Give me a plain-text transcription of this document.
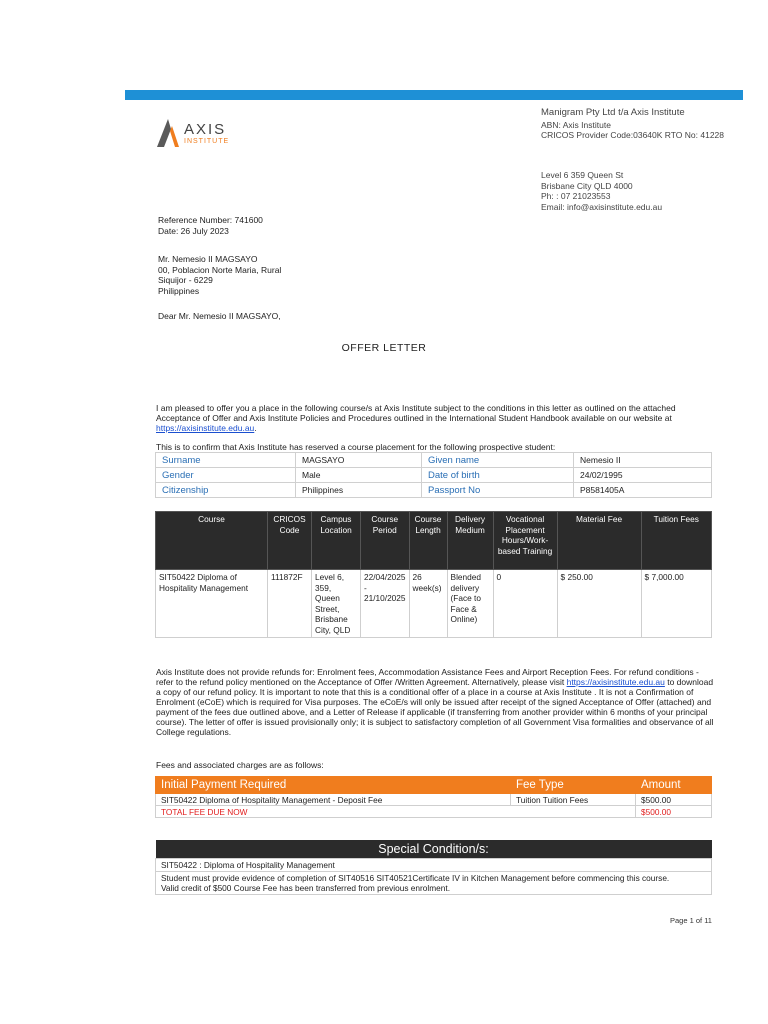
AXIS
INSTITUTE
Manigram Pty Ltd t/a Axis Institute
ABN: Axis Institute
CRICOS Provider Code:03640K RTO No: 41228
Level 6 359 Queen St
Brisbane City QLD 4000
Ph: : 07 21023553
Email: info@axisinstitute.edu.au
Reference Number: 741600
Date: 26 July 2023
Mr. Nemesio II MAGSAYO
00, Poblacion Norte Maria, Rural
Siquijor - 6229
Philippines
Dear Mr. Nemesio II MAGSAYO,
OFFER LETTER
I am pleased to offer you a place in the following course/s at Axis Institute subject to the conditions in this letter as outlined on the attached Acceptance of Offer and Axis Institute Policies and Procedures outlined in the International Student Handbook available on our website at https://axisinstitute.edu.au.
This is to confirm that Axis Institute has reserved a course placement for the following prospective student:
Surname	MAGSAYO	Given name	Nemesio II
Gender	Male	Date of birth	24/02/1995
Citizenship	Philippines	Passport No	P8581405A
Course	CRICOS Code	Campus Location	Course Period	Course Length	Delivery Medium	Vocational Placement Hours/Work-based Training	Material Fee	Tuition Fees
SIT50422 Diploma of Hospitality Management	111872F	Level 6, 359, Queen Street, Brisbane City, QLD	22/04/2025
-
21/10/2025	26 week(s)	Blended delivery (Face to Face & Online)	0	$ 250.00	$ 7,000.00
Axis Institute does not provide refunds for: Enrolment fees, Accommodation Assistance Fees and Airport Reception Fees. For refund conditions - refer to the refund policy mentioned on the Acceptance of Offer /Written Agreement. Alternatively, please visit https://axisinstitute.edu.au to download a copy of our refund policy. It is important to note that this is a conditional offer of a place in a course at Axis Institute . It is not a Confirmation of Enrolment (eCoE) which is required for Visa purposes. The eCoE/s will only be issued after receipt of the signed Acceptance of Offer (attached) and payment of the fees due outlined above, and a Letter of Release if applicable (if transferring from another provider within 6 months of your principal course). The letter of offer is issued provisionally only; it is subject to satisfactory completion of all Government Visa formalities and observance of all College regulations.
Fees and associated charges are as follows:
Initial Payment Required	Fee Type	Amount
SIT50422 Diploma of Hospitality Management - Deposit Fee	Tuition Tuition Fees	$500.00
TOTAL FEE DUE NOW		$500.00
Special Condition/s:
SIT50422 : Diploma of Hospitality Management

Student must provide evidence of completion of SIT40516 SIT40521Certificate IV in Kitchen Management before commencing this course.
Valid credit of $500 Course Fee has been transferred from previous enrolment.
Page 1 of 11
